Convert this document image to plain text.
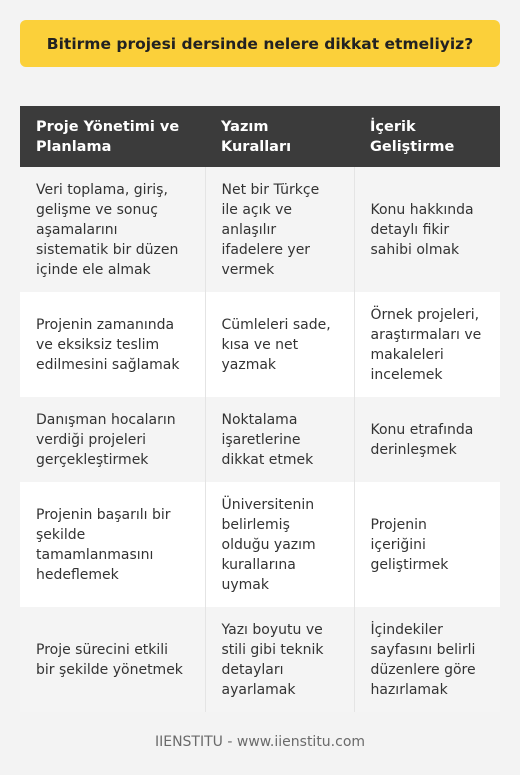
Bitirme projesi dersinde nelere dikkat etmeliyiz?
Proje Yönetimi ve Planlama	Yazım Kuralları	İçerik Geliştirme
Veri toplama, giriş, gelişme ve sonuç aşamalarını sistematik bir düzen içinde ele almak	Net bir Türkçe ile açık ve anlaşılır ifadelere yer vermek	Konu hakkında detaylı fikir sahibi olmak
Projenin zamanında ve eksiksiz teslim edilmesini sağlamak	Cümleleri sade, kısa ve net yazmak	Örnek projeleri, araştırmaları ve makaleleri incelemek
Danışman hocaların verdiği projeleri gerçekleştirmek	Noktalama işaretlerine dikkat etmek	Konu etrafında derinleşmek
Projenin başarılı bir şekilde tamamlanmasını hedeflemek	Üniversitenin belirlemiş olduğu yazım kurallarına uymak	Projenin içeriğini geliştirmek
Proje sürecini etkili bir şekilde yönetmek	Yazı boyutu ve stili gibi teknik detayları ayarlamak	İçindekiler sayfasını belirli düzenlere göre hazırlamak
IIENSTITU - www.iienstitu.com
